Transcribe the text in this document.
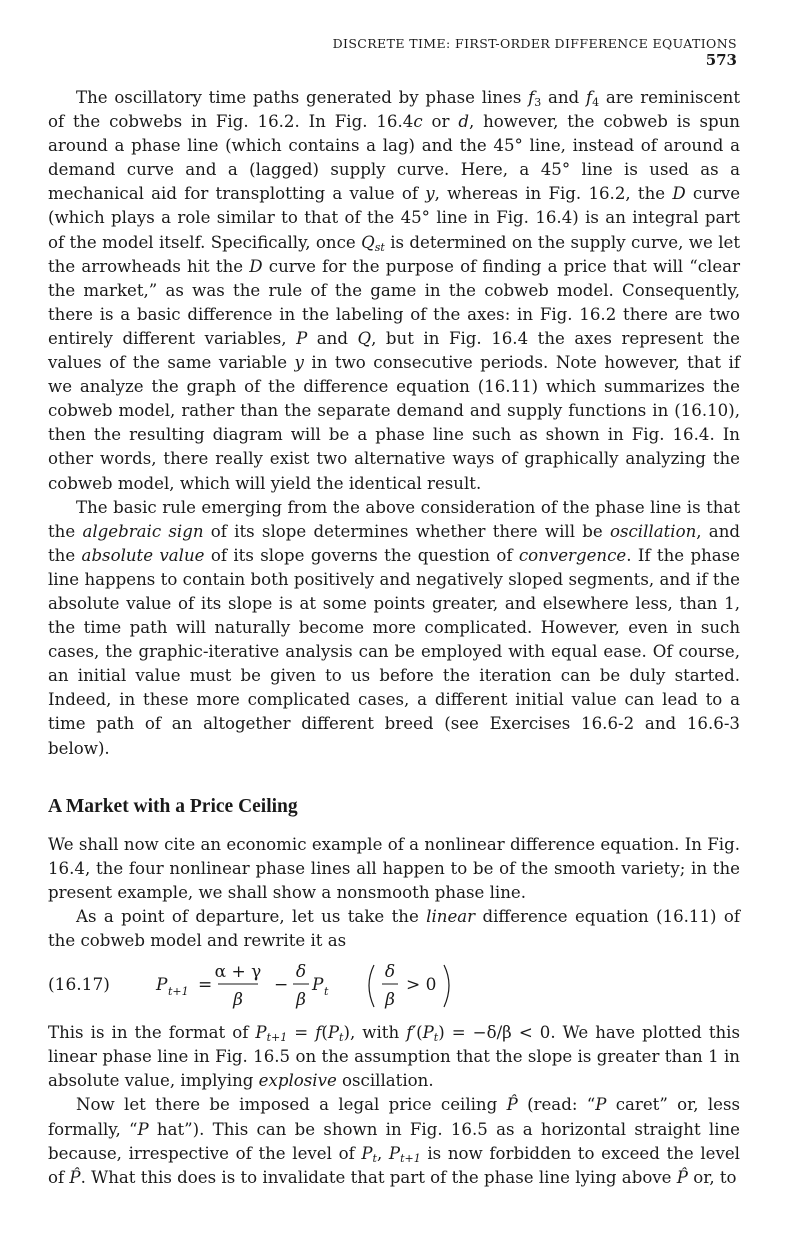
DISCRETE TIME: FIRST-ORDER DIFFERENCE EQUATIONS 573

The oscillatory time paths generated by phase lines $f_3$ and $f_4$ are reminiscent of the cobwebs in Fig. 16.2. In Fig. 16.4c or d, however, the cobweb is spun around a phase line (which contains a lag) and the 45° line, instead of around a demand curve and a (lagged) supply curve. Here, a 45° line is used as a mechanical aid for transplotting a value of y, whereas in Fig. 16.2, the D curve (which plays a role similar to that of the 45° line in Fig. 16.4) is an integral part of the model itself. Specifically, once $Q_{st}$ is determined on the supply curve, we let the arrowheads hit the D curve for the purpose of finding a price that will “clear the market,” as was the rule of the game in the cobweb model. Consequently, there is a basic difference in the labeling of the axes: in Fig. 16.2 there are two entirely different variables, P and Q, but in Fig. 16.4 the axes represent the values of the same variable y in two consecutive periods. Note however, that if we analyze the graph of the difference equation (16.11) which summarizes the cobweb model, rather than the separate demand and supply functions in (16.10), then the resulting diagram will be a phase line such as shown in Fig. 16.4. In other words, there really exist two alternative ways of graphically analyzing the cobweb model, which will yield the identical result.

The basic rule emerging from the above consideration of the phase line is that the algebraic sign of its slope determines whether there will be oscillation, and the absolute value of its slope governs the question of convergence. If the phase line happens to contain both positively and negatively sloped segments, and if the absolute value of its slope is at some points greater, and elsewhere less, than 1, the time path will naturally become more complicated. However, even in such cases, the graphic-iterative analysis can be employed with equal ease. Of course, an initial value must be given to us before the iteration can be duly started. Indeed, in these more complicated cases, a different initial value can lead to a time path of an altogether different breed (see Exercises 16.6-2 and 16.6-3 below).

A Market with a Price Ceiling

We shall now cite an economic example of a nonlinear difference equation. In Fig. 16.4, the four nonlinear phase lines all happen to be of the smooth variety; in the present example, we shall show a nonsmooth phase line.

As a point of departure, let us take the linear difference equation (16.11) of the cobweb model and rewrite it as

(16.17)	P t+1 =
α + γ
β
−
δ
β
P t
δ
β
> 0

This is in the format of $P_{t+1} = f(P_t)$, with $f'(P_t) = -\delta/\beta < 0$. We have plotted this linear phase line in Fig. 16.5 on the assumption that the slope is greater than 1 in absolute value, implying explosive oscillation.

Now let there be imposed a legal price ceiling P̂ (read: “P caret” or, less formally, “P hat”). This can be shown in Fig. 16.5 as a horizontal straight line because, irrespective of the level of $P_t$, $P_{t+1}$ is now forbidden to exceed the level of P̂. What this does is to invalidate that part of the phase line lying above P̂ or, to
